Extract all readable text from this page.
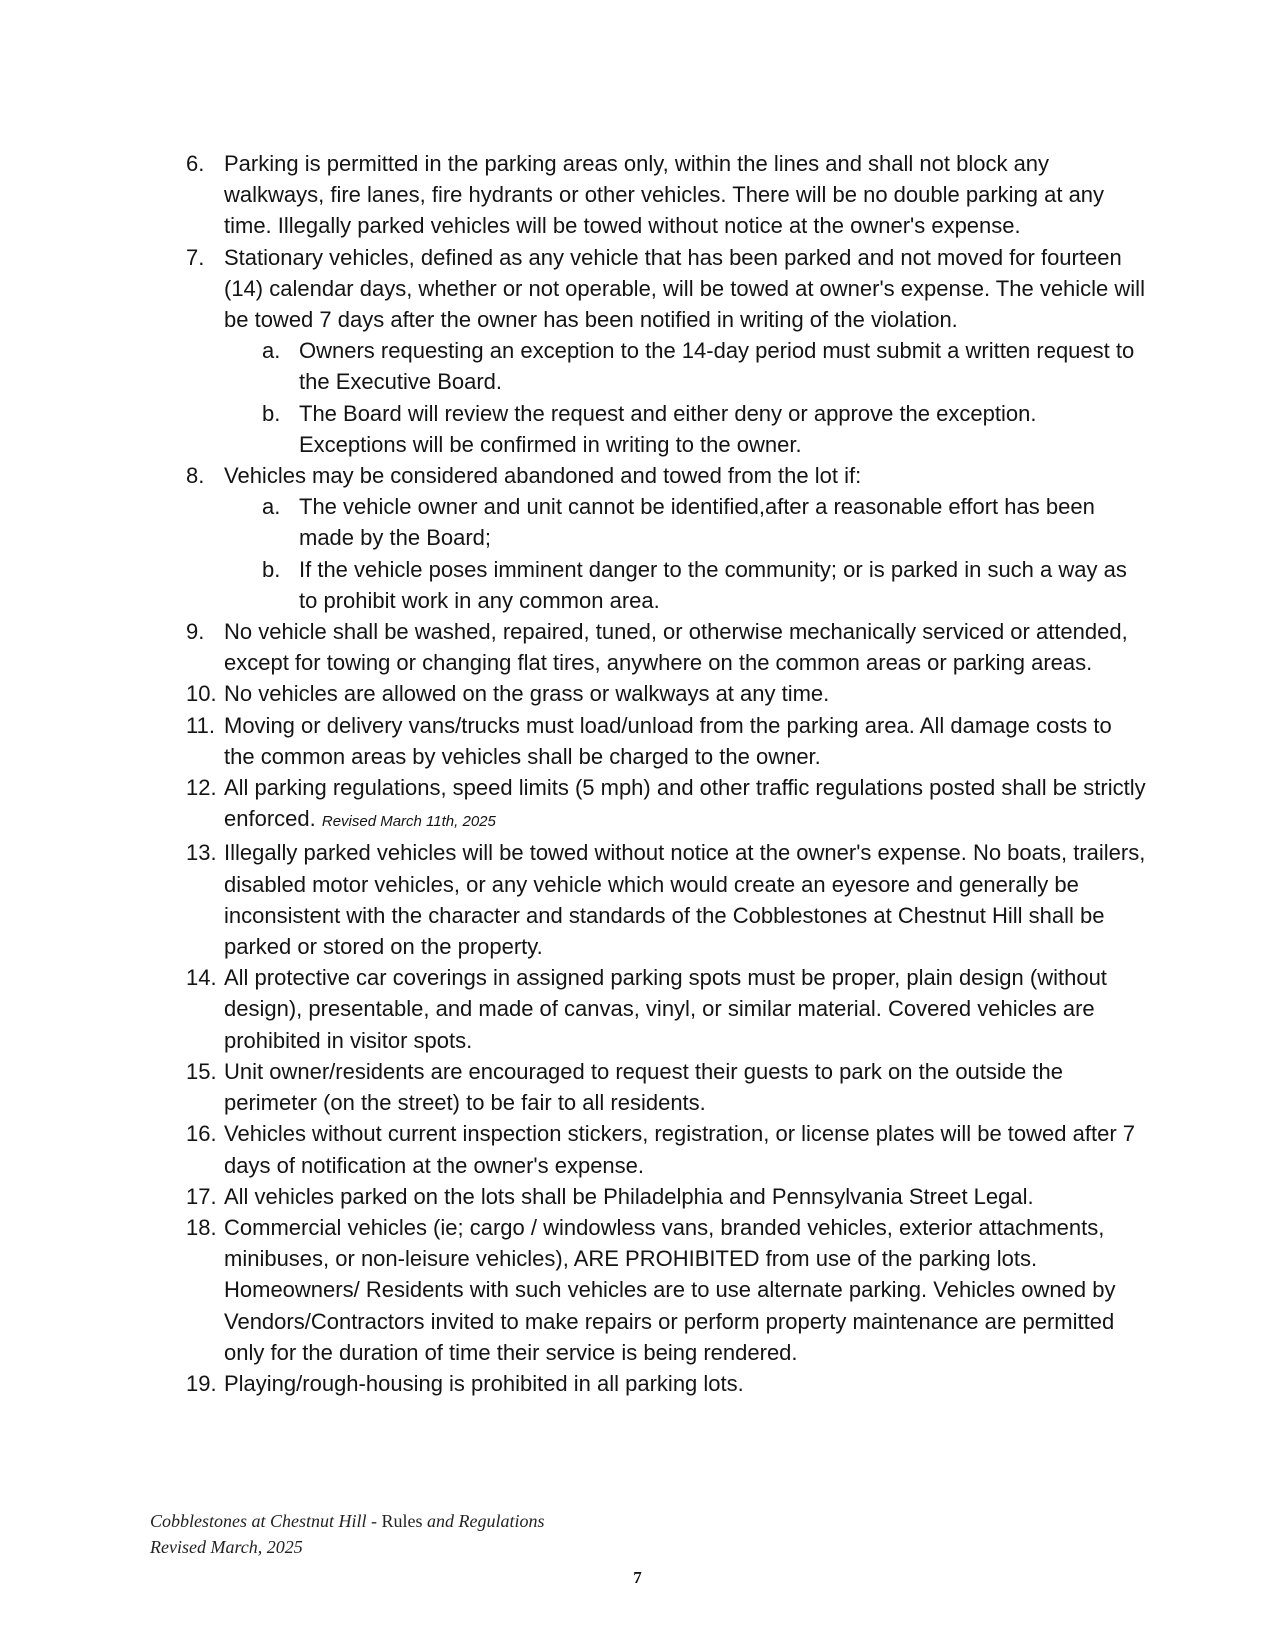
6. Parking is permitted in the parking areas only, within the lines and shall not block any walkways, fire lanes, fire hydrants or other vehicles. There will be no double parking at any time. Illegally parked vehicles will be towed without notice at the owner's expense.
7. Stationary vehicles, defined as any vehicle that has been parked and not moved for fourteen (14) calendar days, whether or not operable, will be towed at owner's expense. The vehicle will be towed 7 days after the owner has been notified in writing of the violation.
a. Owners requesting an exception to the 14-day period must submit a written request to the Executive Board.
b. The Board will review the request and either deny or approve the exception. Exceptions will be confirmed in writing to the owner.
8. Vehicles may be considered abandoned and towed from the lot if:
a. The vehicle owner and unit cannot be identified,after a reasonable effort has been made by the Board;
b. If the vehicle poses imminent danger to the community; or is parked in such a way as to prohibit work in any common area.
9. No vehicle shall be washed, repaired, tuned, or otherwise mechanically serviced or attended, except for towing or changing flat tires, anywhere on the common areas or parking areas.
10. No vehicles are allowed on the grass or walkways at any time.
11. Moving or delivery vans/trucks must load/unload from the parking area. All damage costs to the common areas by vehicles shall be charged to the owner.
12. All parking regulations, speed limits (5 mph) and other traffic regulations posted shall be strictly enforced. Revised March 11th, 2025
13. Illegally parked vehicles will be towed without notice at the owner's expense. No boats, trailers, disabled motor vehicles, or any vehicle which would create an eyesore and generally be inconsistent with the character and standards of the Cobblestones at Chestnut Hill shall be parked or stored on the property.
14. All protective car coverings in assigned parking spots must be proper, plain design (without design), presentable, and made of canvas, vinyl, or similar material. Covered vehicles are prohibited in visitor spots.
15. Unit owner/residents are encouraged to request their guests to park on the outside the perimeter (on the street) to be fair to all residents.
16. Vehicles without current inspection stickers, registration, or license plates will be towed after 7 days of notification at the owner's expense.
17. All vehicles parked on the lots shall be Philadelphia and Pennsylvania Street Legal.
18. Commercial vehicles (ie; cargo / windowless vans, branded vehicles, exterior attachments, minibuses, or non-leisure vehicles), ARE PROHIBITED from use of the parking lots. Homeowners/ Residents with such vehicles are to use alternate parking. Vehicles owned by Vendors/Contractors invited to make repairs or perform property maintenance are permitted only for the duration of time their service is being rendered.
19. Playing/rough-housing is prohibited in all parking lots.
Cobblestones at Chestnut Hill - Rules and Regulations
Revised March, 2025
7
